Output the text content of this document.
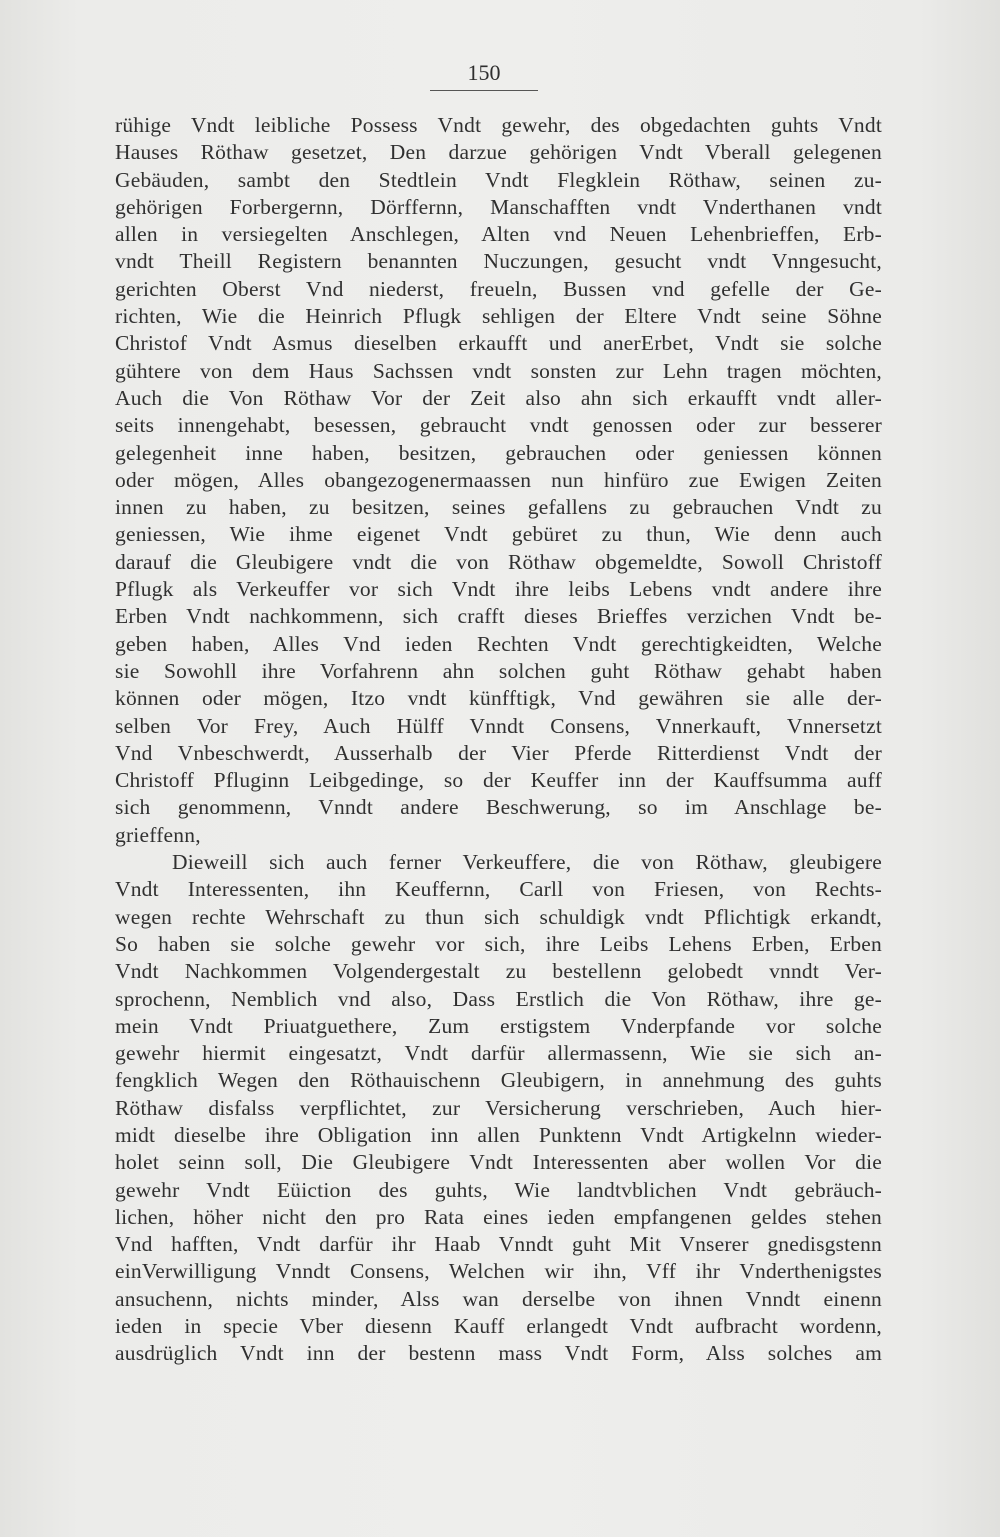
150
rühige Vndt leibliche Possess Vndt gewehr, des obgedachten guhts Vndt
Hauses Röthaw gesetzet, Den darzue gehörigen Vndt Vberall gelegenen
Gebäuden, sambt den Stedtlein Vndt Flegklein Röthaw, seinen zu-
gehörigen Forbergernn, Dörffernn, Manschafften vndt Vnderthanen vndt
allen in versiegelten Anschlegen, Alten vnd Neuen Lehenbrieffen, Erb-
vndt Theill Registern benannten Nuczungen, gesucht vndt Vnngesucht,
gerichten Oberst Vnd niederst, freueln, Bussen vnd gefelle der Ge-
richten, Wie die Heinrich Pflugk sehligen der Eltere Vndt seine Söhne
Christof Vndt Asmus dieselben erkaufft und anerErbet, Vndt sie solche
gühtere von dem Haus Sachssen vndt sonsten zur Lehn tragen möchten,
Auch die Von Röthaw Vor der Zeit also ahn sich erkaufft vndt aller-
seits innengehabt, besessen, gebraucht vndt genossen oder zur besserer
gelegenheit inne haben, besitzen, gebrauchen oder geniessen können
oder mögen, Alles obangezogenermaassen nun hinfüro zue Ewigen Zeiten
innen zu haben, zu besitzen, seines gefallens zu gebrauchen Vndt zu
geniessen, Wie ihme eigenet Vndt gebüret zu thun, Wie denn auch
darauf die Gleubigere vndt die von Röthaw obgemeldte, Sowoll Christoff
Pflugk als Verkeuffer vor sich Vndt ihre leibs Lebens vndt andere ihre
Erben Vndt nachkommenn, sich crafft dieses Brieffes verzichen Vndt be-
geben haben, Alles Vnd ieden Rechten Vndt gerechtigkeidten, Welche
sie Sowohll ihre Vorfahrenn ahn solchen guht Röthaw gehabt haben
können oder mögen, Itzo vndt künfftigk, Vnd gewähren sie alle der-
selben Vor Frey, Auch Hülff Vnndt Consens, Vnnerkauft, Vnnersetzt
Vnd Vnbeschwerdt, Ausserhalb der Vier Pferde Ritterdienst Vndt der
Christoff Pfluginn Leibgedinge, so der Keuffer inn der Kauffsumma auff
sich genommenn, Vnndt andere Beschwerung, so im Anschlage be-
grieffenn,
Dieweill sich auch ferner Verkeuffere, die von Röthaw, gleubigere
Vndt Interessenten, ihn Keuffernn, Carll von Friesen, von Rechts-
wegen rechte Wehrschaft zu thun sich schuldigk vndt Pflichtigk erkandt,
So haben sie solche gewehr vor sich, ihre Leibs Lehens Erben, Erben
Vndt Nachkommen Volgendergestalt zu bestellenn gelobedt vnndt Ver-
sprochenn, Nemblich vnd also, Dass Erstlich die Von Röthaw, ihre ge-
mein Vndt Priuatguethere, Zum erstigstem Vnderpfande vor solche
gewehr hiermit eingesatzt, Vndt darfür allermassenn, Wie sie sich an-
fengklich Wegen den Röthauischenn Gleubigern, in annehmung des guhts
Röthaw disfalss verpflichtet, zur Versicherung verschrieben, Auch hier-
midt dieselbe ihre Obligation inn allen Punktenn Vndt Artigkelnn wieder-
holet seinn soll, Die Gleubigere Vndt Interessenten aber wollen Vor die
gewehr Vndt Eüiction des guhts, Wie landtvblichen Vndt gebräuch-
lichen, höher nicht den pro Rata eines ieden empfangenen geldes stehen
Vnd hafften, Vndt darfür ihr Haab Vnndt guht Mit Vnserer gnedisgstenn
einVerwilligung Vnndt Consens, Welchen wir ihn, Vff ihr Vnderthenigstes
ansuchenn, nichts minder, Alss wan derselbe von ihnen Vnndt einenn
ieden in specie Vber diesenn Kauff erlangedt Vndt aufbracht wordenn,
ausdrüglich Vndt inn der bestenn mass Vndt Form, Alss solches am
